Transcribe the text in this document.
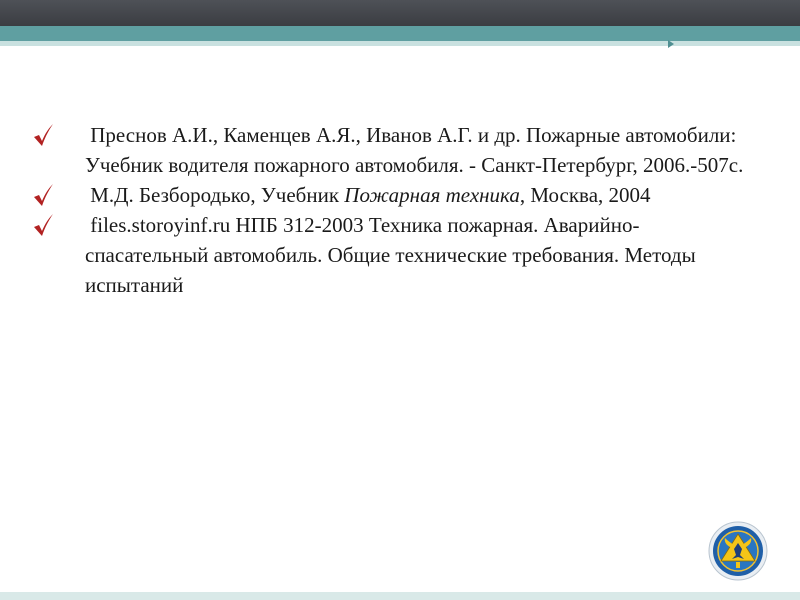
Преснов А.И., Каменцев А.Я., Иванов А.Г. и др. Пожарные автомобили: Учебник водителя пожарного автомобиля. - Санкт-Петербург, 2006.-507с.
М.Д. Безбородько, Учебник Пожарная техника, Москва, 2004
files.storoyinf.ru НПБ 312-2003 Техника пожарная. Аварийно-спасательный автомобиль. Общие технические требования. Методы испытаний
